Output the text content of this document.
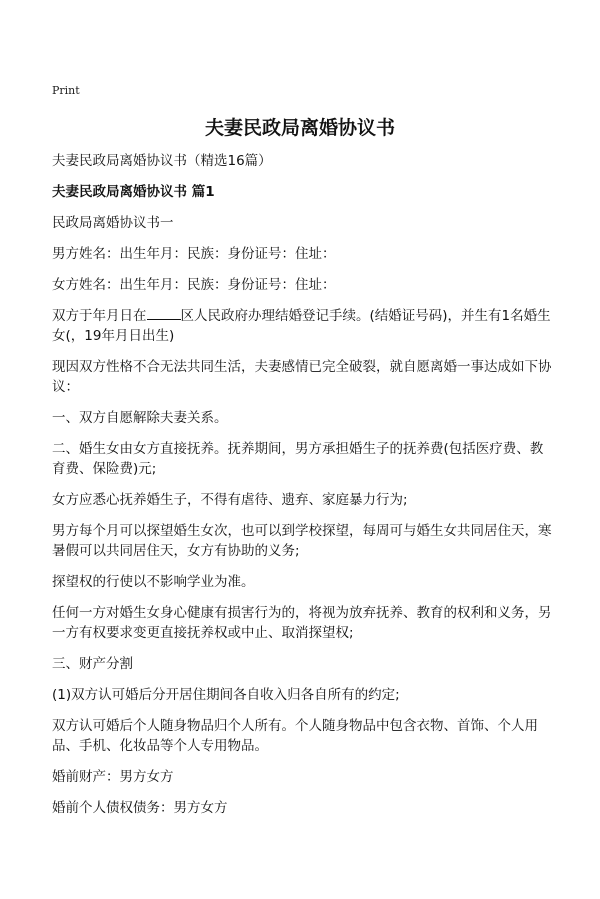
Print
夫妻民政局离婚协议书

夫妻民政局离婚协议书（精选16篇）

夫妻民政局离婚协议书 篇1

民政局离婚协议书一

男方姓名：出生年月：民族：身份证号：住址：

女方姓名：出生年月：民族：身份证号：住址：

双方于年月日在	区人民政府办理结婚登记手续。(结婚证号码)，并生有1名婚生女(，19年月日出生)

现因双方性格不合无法共同生活，夫妻感情已完全破裂，就自愿离婚一事达成如下协议：

一、双方自愿解除夫妻关系。

二、婚生女由女方直接抚养。抚养期间，男方承担婚生子的抚养费(包括医疗费、教育费、保险费)元;

女方应悉心抚养婚生子，不得有虐待、遗弃、家庭暴力行为;

男方每个月可以探望婚生女次，也可以到学校探望，每周可与婚生女共同居住天，寒暑假可以共同居住天，女方有协助的义务;

探望权的行使以不影响学业为准。

任何一方对婚生女身心健康有损害行为的，将视为放弃抚养、教育的权利和义务，另一方有权要求变更直接抚养权或中止、取消探望权;

三、财产分割

(1)双方认可婚后分开居住期间各自收入归各自所有的约定;

双方认可婚后个人随身物品归个人所有。个人随身物品中包含衣物、首饰、个人用品、手机、化妆品等个人专用物品。

婚前财产：男方女方

婚前个人债权债务：男方女方
